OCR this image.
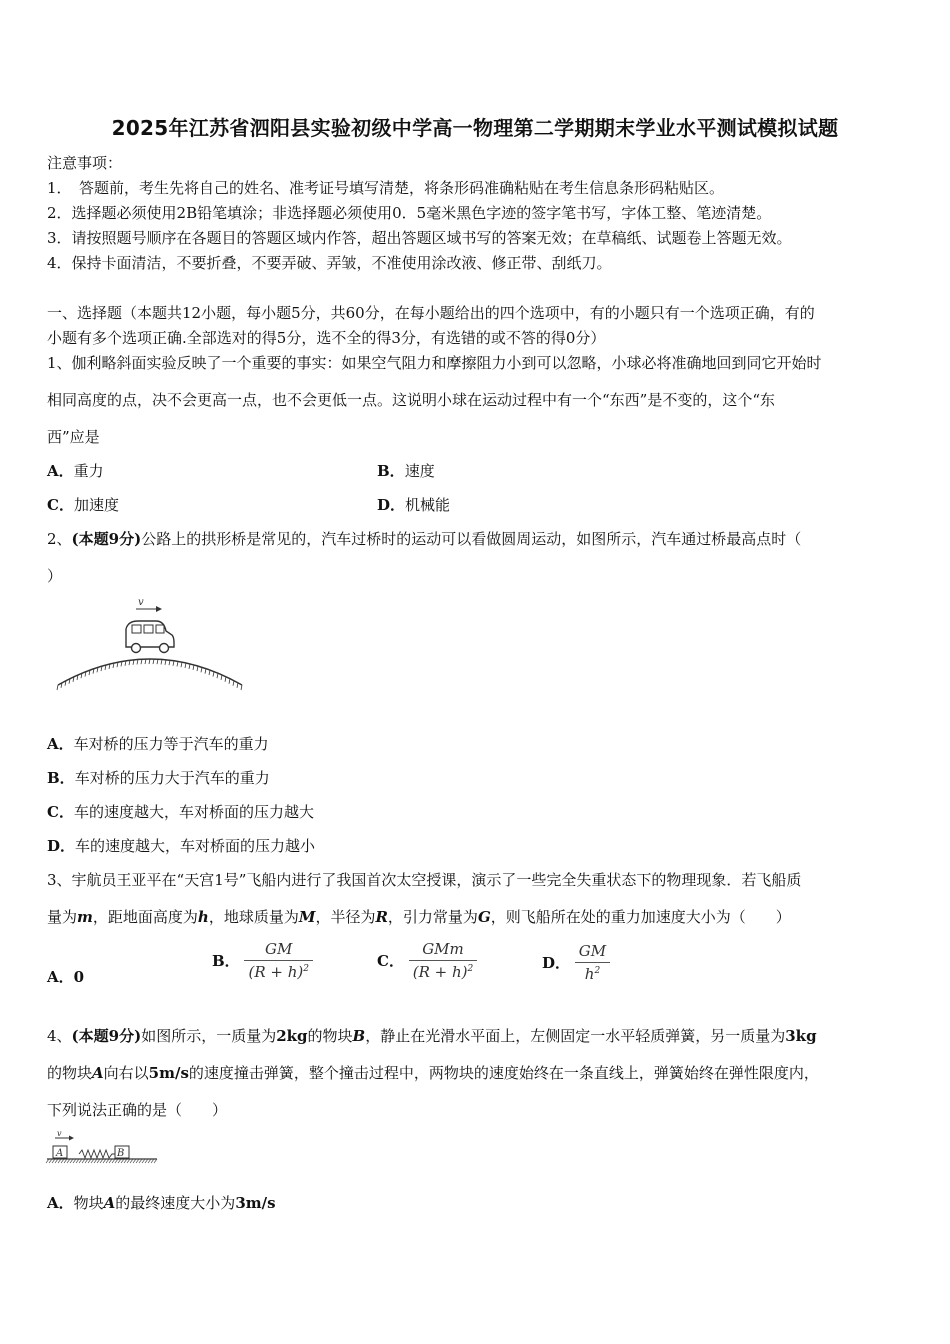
2025年江苏省泗阳县实验初级中学高一物理第二学期期末学业水平测试模拟试题
注意事项：
1．　答题前，考生先将自己的姓名、准考证号填写清楚，将条形码准确粘贴在考生信息条形码粘贴区。
2．选择题必须使用2B铅笔填涂；非选择题必须使用0．5毫米黑色字迹的签字笔书写，字体工整、笔迹清楚。
3．请按照题号顺序在各题目的答题区域内作答，超出答题区域书写的答案无效；在草稿纸、试题卷上答题无效。
4．保持卡面清洁，不要折叠，不要弄破、弄皱，不准使用涂改液、修正带、刮纸刀。
一、选择题（本题共12小题，每小题5分，共60分，在每小题给出的四个选项中，有的小题只有一个选项正确，有的
小题有多个选项正确.全部选对的得5分，选不全的得3分，有选错的或不答的得0分）
1、伽利略斜面实验反映了一个重要的事实：如果空气阻力和摩擦阻力小到可以忽略，小球必将准确地回到同它开始时
相同高度的点，决不会更高一点，也不会更低一点。这说明小球在运动过程中有一个“东西”是不变的，这个“东
西”应是
A．重力	B．速度
C．加速度	D．机械能
2、(本题9分)公路上的拱形桥是常见的，汽车过桥时的运动可以看做圆周运动，如图所示，汽车通过桥最高点时（
）
v
A．车对桥的压力等于汽车的重力
B．车对桥的压力大于汽车的重力
C．车的速度越大，车对桥面的压力越大
D．车的速度越大，车对桥面的压力越小
3、宇航员王亚平在“天宫1号”飞船内进行了我国首次太空授课，演示了一些完全失重状态下的物理现象．若飞船质
量为m，距地面高度为h，地球质量为M，半径为R，引力常量为G，则飞船所在处的重力加速度大小为（　　）
A．0
B． $\frac{GM}{(R + h)^2}$	C． $\frac{\text{GMm}}{(R + h)^2}$	D． $\frac{GM}{h^2}$
4、(本题9分)如图所示，一质量为2kg的物块B，静止在光滑水平面上，左侧固定一水平轻质弹簧，另一质量为3kg
的物块A向右以5m/s的速度撞击弹簧，整个撞击过程中，两物块的速度始终在一条直线上，弹簧始终在弹性限度内，
下列说法正确的是（　　）
v
A	B
A．物块A的最终速度大小为3m/s
